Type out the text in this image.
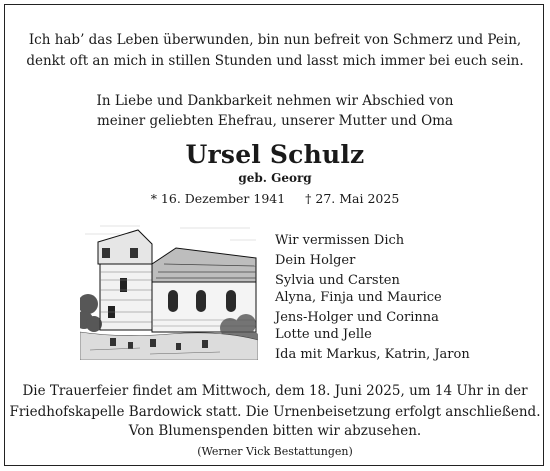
Ich hab’ das Leben überwunden, bin nun befreit von Schmerz und Pein,
denkt oft an mich in stillen Stunden und lasst mich immer bei euch sein.
In Liebe und Dankbarkeit nehmen wir Abschied von
meiner geliebten Ehefrau, unserer Mutter und Oma
Ursel Schulz
geb. Georg
* 16. Dezember 1941 † 27. Mai 2025
Wir vermissen Dich
Dein Holger
Sylvia und Carsten
Alyna, Finja und Maurice
Jens-Holger und Corinna
Lotte und Jelle
Ida mit Markus, Katrin, Jaron
Die Trauerfeier findet am Mittwoch, dem 18. Juni 2025, um 14 Uhr in der
Friedhofskapelle Bardowick statt. Die Urnenbeisetzung erfolgt anschließend.
Von Blumenspenden bitten wir abzusehen.
(Werner Vick Bestattungen)
